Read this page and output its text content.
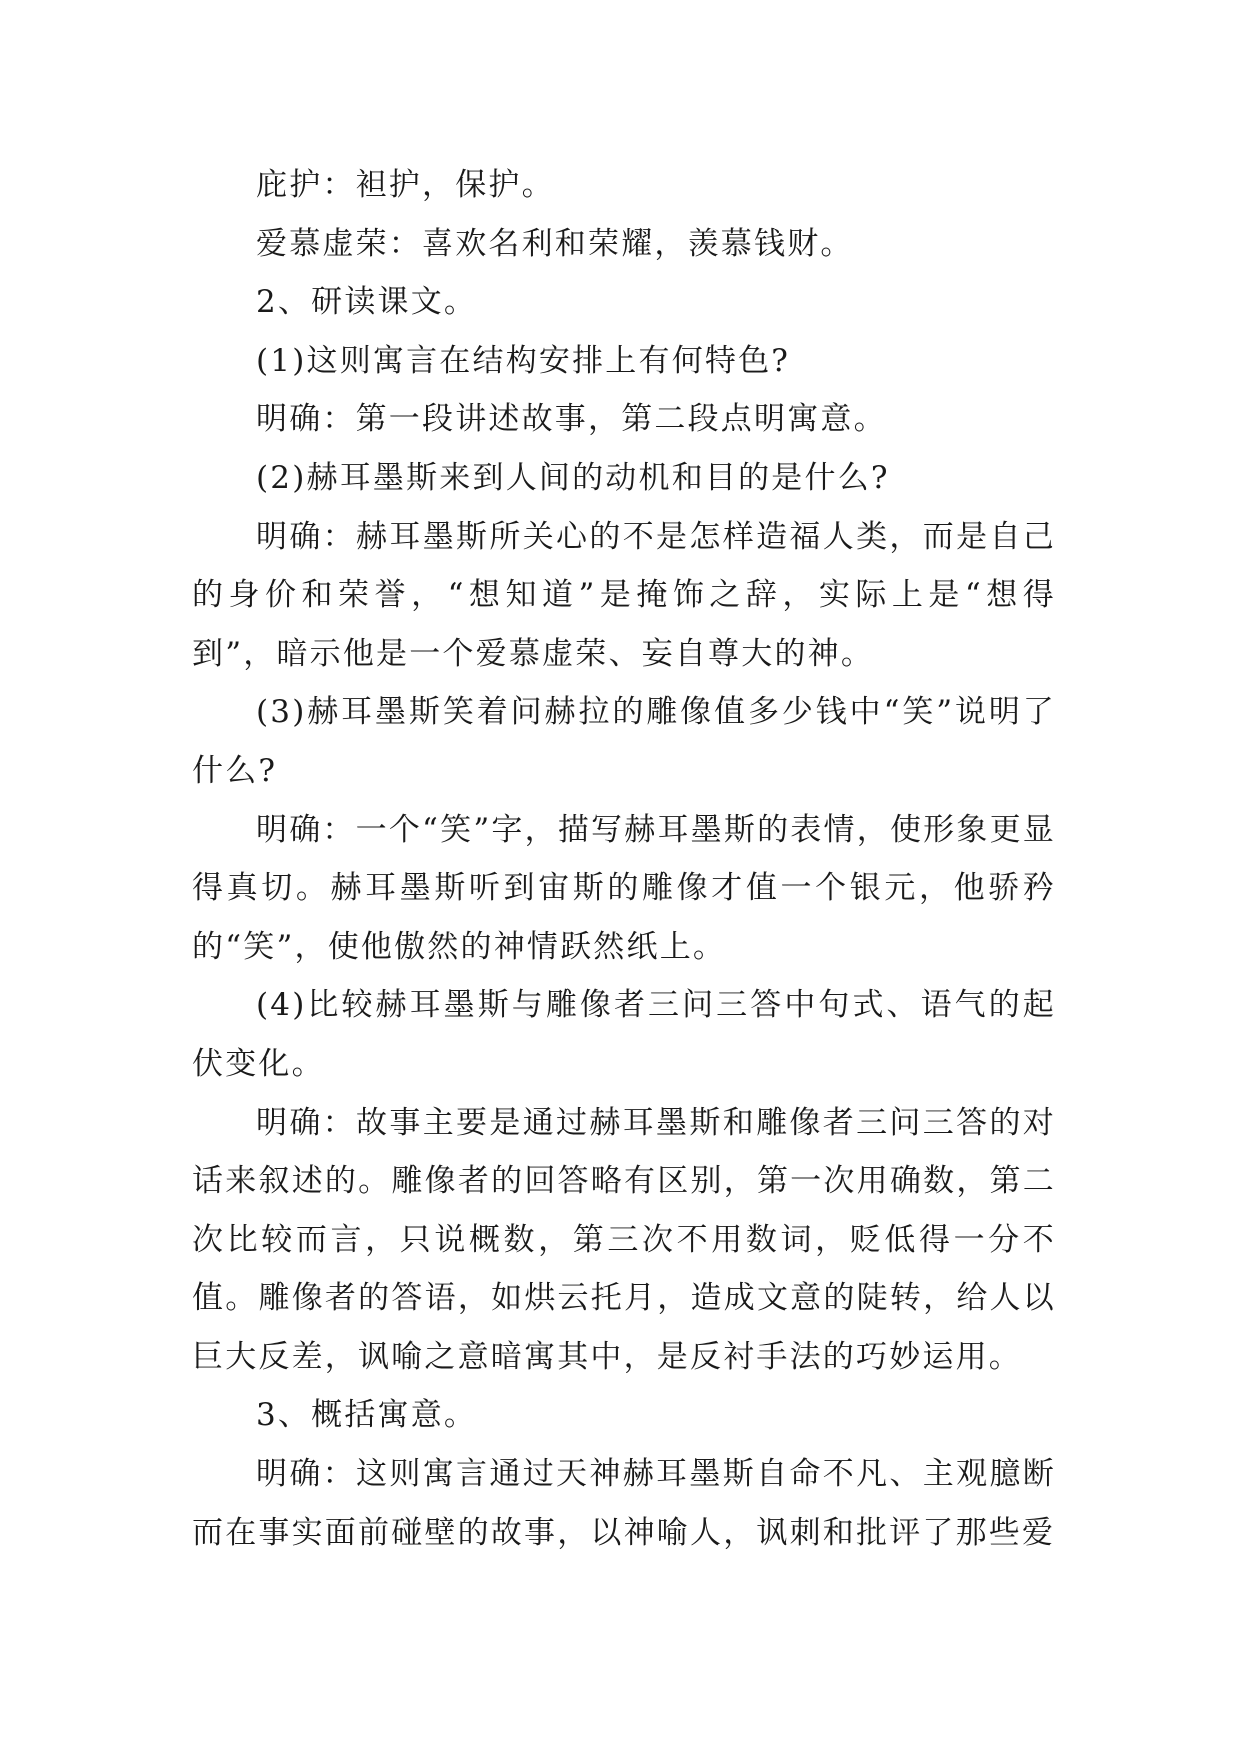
庇护：袒护，保护。

爱慕虚荣：喜欢名利和荣耀，羡慕钱财。

2、研读课文。

(1)这则寓言在结构安排上有何特色?

明确：第一段讲述故事，第二段点明寓意。

(2)赫耳墨斯来到人间的动机和目的是什么?

明确：赫耳墨斯所关心的不是怎样造福人类，而是自己的身价和荣誉，“想知道”是掩饰之辞，实际上是“想得到”，暗示他是一个爱慕虚荣、妄自尊大的神。

(3)赫耳墨斯笑着问赫拉的雕像值多少钱中“笑”说明了什么?

明确：一个“笑”字，描写赫耳墨斯的表情，使形象更显得真切。赫耳墨斯听到宙斯的雕像才值一个银元，他骄矜的“笑”，使他傲然的神情跃然纸上。

(4)比较赫耳墨斯与雕像者三问三答中句式、语气的起伏变化。

明确：故事主要是通过赫耳墨斯和雕像者三问三答的对话来叙述的。雕像者的回答略有区别，第一次用确数，第二次比较而言，只说概数，第三次不用数词，贬低得一分不值。雕像者的答语，如烘云托月，造成文意的陡转，给人以巨大反差，讽喻之意暗寓其中，是反衬手法的巧妙运用。

3、概括寓意。

明确：这则寓言通过天神赫耳墨斯自命不凡、主观臆断而在事实面前碰壁的故事，以神喻人，讽刺和批评了那些爱
